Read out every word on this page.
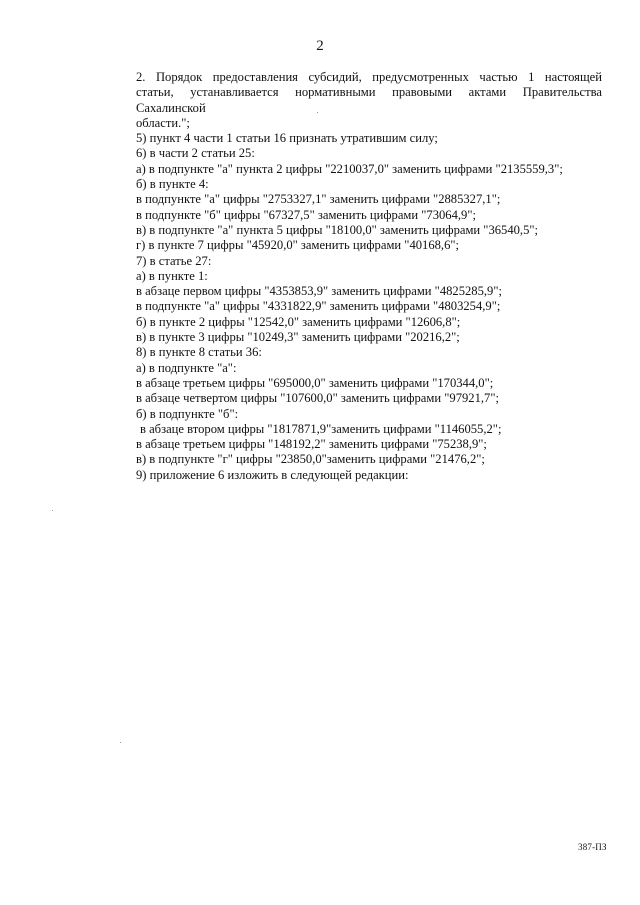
2
2. Порядок предоставления субсидий, предусмотренных частью 1 настоящей
статьи, устанавливается нормативными правовыми актами Правительства Сахалинской
области.";
5) пункт 4 части 1 статьи 16 признать утратившим силу;
6) в части 2 статьи 25:
а) в подпункте "а" пункта 2 цифры "2210037,0" заменить цифрами "2135559,3";
б) в пункте 4:
в подпункте "а" цифры "2753327,1" заменить цифрами "2885327,1";
в подпункте "б" цифры "67327,5" заменить цифрами "73064,9";
в) в подпункте "а" пункта 5 цифры "18100,0" заменить цифрами "36540,5";
г) в пункте 7 цифры "45920,0" заменить цифрами "40168,6";
7) в статье 27:
а) в пункте 1:
в абзаце первом цифры "4353853,9" заменить цифрами "4825285,9";
в подпункте "а" цифры "4331822,9" заменить цифрами "4803254,9";
б) в пункте 2 цифры "12542,0" заменить цифрами "12606,8";
в) в пункте 3 цифры "10249,3" заменить цифрами "20216,2";
8) в пункте 8 статьи 36:
а) в подпункте "а":
в абзаце третьем цифры "695000,0" заменить цифрами "170344,0";
в абзаце четвертом цифры "107600,0" заменить цифрами "97921,7";
б) в подпункте "б":
в абзаце втором цифры "1817871,9"заменить цифрами "1146055,2";
в абзаце третьем цифры "148192,2" заменить цифрами "75238,9";
в) в подпункте "г" цифры "23850,0"заменить цифрами "21476,2";
9) приложение 6 изложить в следующей редакции:
387-ПЗ
